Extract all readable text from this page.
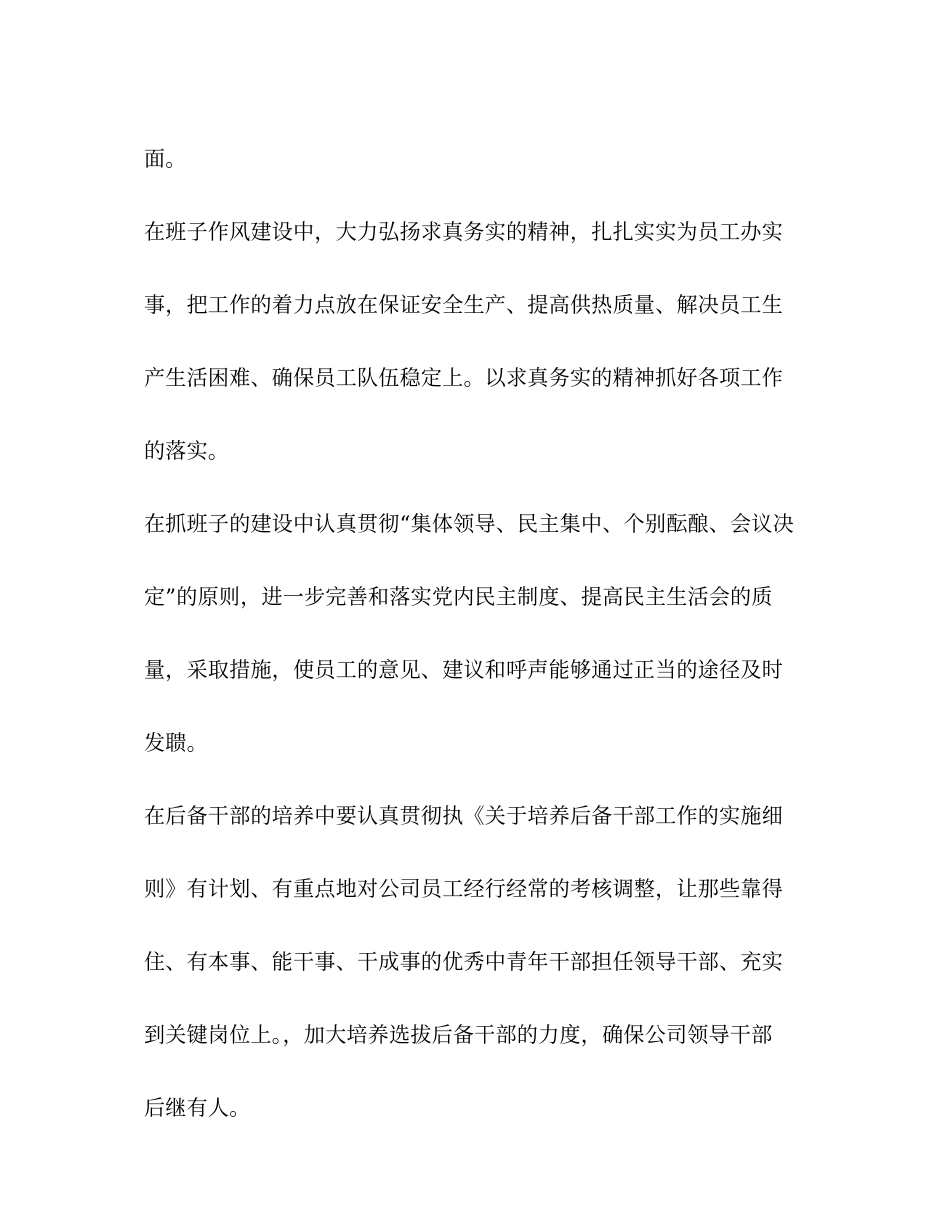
面。
在班子作风建设中，大力弘扬求真务实的精神，扎扎实实为员工办实
事，把工作的着力点放在保证安全生产、提高供热质量、解决员工生
产生活困难、确保员工队伍稳定上。以求真务实的精神抓好各项工作
的落实。
在抓班子的建设中认真贯彻“集体领导、民主集中、个别酝酿、会议决
定”的原则，进一步完善和落实党内民主制度、提高民主生活会的质
量，采取措施，使员工的意见、建议和呼声能够通过正当的途径及时
发聩。
在后备干部的培养中要认真贯彻执《关于培养后备干部工作的实施细
则》有计划、有重点地对公司员工经行经常的考核调整，让那些靠得
住、有本事、能干事、干成事的优秀中青年干部担任领导干部、充实
到关键岗位上。，加大培养选拔后备干部的力度，确保公司领导干部
后继有人。
